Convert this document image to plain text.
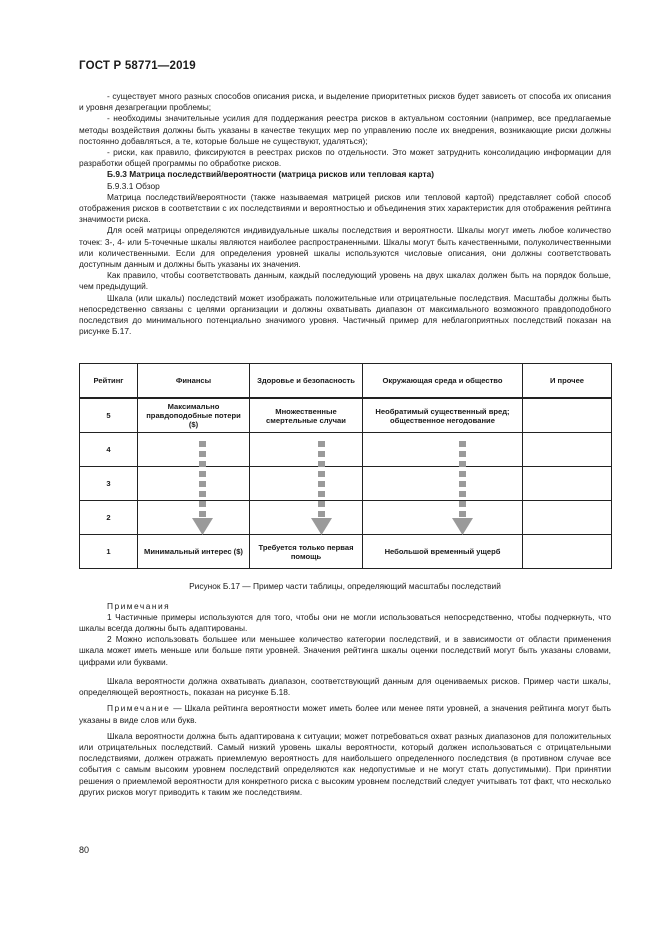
ГОСТ Р 58771—2019

- существует много разных способов описания риска, и выделение приоритетных рисков будет зависеть от способа их описания и уровня дезагрегации проблемы;

- необходимы значительные усилия для поддержания реестра рисков в актуальном состоянии (например, все предлагаемые методы воздействия должны быть указаны в качестве текущих мер по управлению после их внедрения, возникающие риски должны постоянно добавляться, а те, которые больше не существуют, удаляться);

- риски, как правило, фиксируются в реестрах рисков по отдельности. Это может затруднить консолидацию информации для разработки общей программы по обработке рисков.

Б.9.3 Матрица последствий/вероятности (матрица рисков или тепловая карта)

Б.9.3.1 Обзор

Матрица последствий/вероятности (также называемая матрицей рисков или тепловой картой) представляет собой способ отображения рисков в соответствии с их последствиями и вероятностью и объединения этих характеристик для отображения рейтинга значимости риска.

Для осей матрицы определяются индивидуальные шкалы последствия и вероятности. Шкалы могут иметь любое количество точек: 3-, 4- или 5-точечные шкалы являются наиболее распространенными. Шкалы могут быть качественными, полуколичественными или количественными. Если для определения уровней шкалы используются числовые описания, они должны соответствовать доступным данным и должны быть указаны их значения.

Как правило, чтобы соответствовать данным, каждый последующий уровень на двух шкалах должен быть на порядок больше, чем предыдущий.

Шкала (или шкалы) последствий может изображать положительные или отрицательные последствия. Масштабы должны быть непосредственно связаны с целями организации и должны охватывать диапазон от максимального возможного правдоподобного последствия до минимального потенциально значимого уровня. Частичный пример для неблагоприятных последствий показан на рисунке Б.17.

Рейтинг	Финансы	Здоровье и безопасность	Окружающая среда и общество	И прочее
5	Максимально правдоподобные потери ($)	Множественные смертельные случаи	Необратимый существенный вред; общественное негодование	
4				
3				
2				
1	Минимальный интерес ($)	Требуется только первая помощь	Небольшой временный ущерб	
Рисунок Б.17 — Пример части таблицы, определяющий масштабы последствий

Примечания

1 Частичные примеры используются для того, чтобы они не могли использоваться непосредственно, чтобы подчеркнуть, что шкалы всегда должны быть адаптированы.

2 Можно использовать большее или меньшее количество категории последствий, и в зависимости от области применения шкала может иметь меньше или больше пяти уровней. Значения рейтинга шкалы оценки последствий могут быть указаны словами, цифрами или буквами.

Шкала вероятности должна охватывать диапазон, соответствующий данным для оцениваемых рисков. Пример части шкалы, определяющей вероятность, показан на рисунке Б.18.

Примечание — Шкала рейтинга вероятности может иметь более или менее пяти уровней, а значения рейтинга могут быть указаны в виде слов или букв.

Шкала вероятности должна быть адаптирована к ситуации; может потребоваться охват разных диапазонов для положительных или отрицательных последствий. Самый низкий уровень шкалы вероятности, который должен использоваться с отрицательными последствиями, должен отражать приемлемую вероятность для наибольшего определенного последствия (в противном случае все события с самым высоким уровнем последствий определяются как недопустимые и не могут стать допустимыми). При принятии решения о приемлемой вероятности для конкретного риска с высоким уровнем последствий следует учитывать тот факт, что несколько других рисков могут приводить к таким же последствиям.

80
